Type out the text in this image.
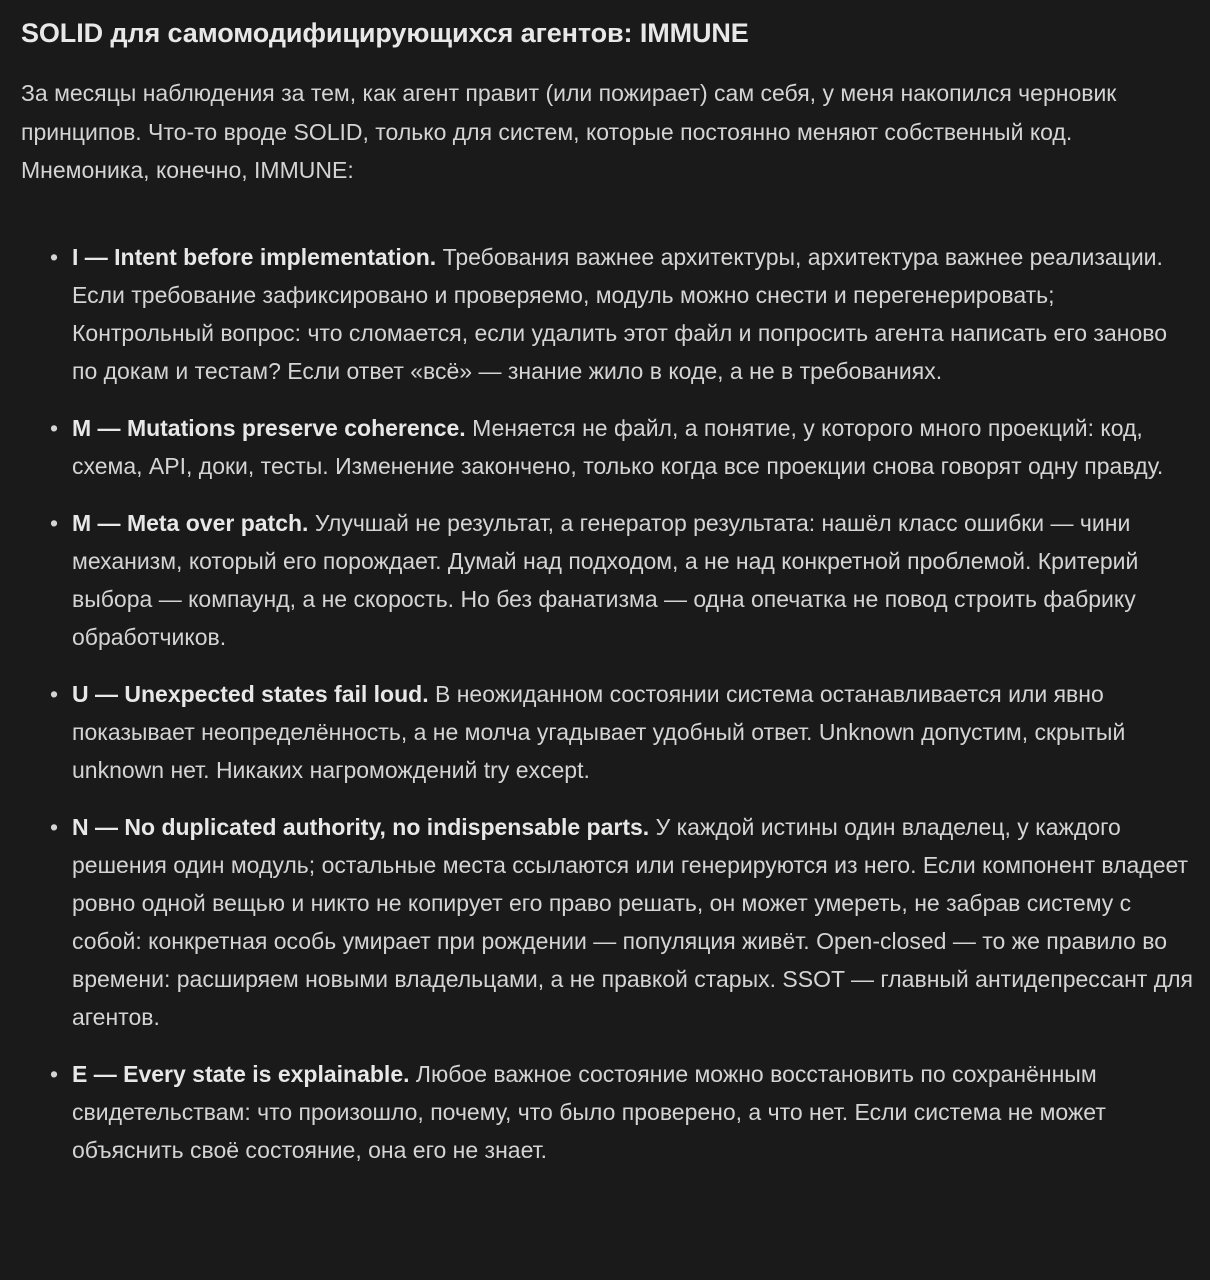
SOLID для самомодифицирующихся агентов: IMMUNE

За месяцы наблюдения за тем, как агент правит (или пожирает) сам себя, у меня накопился черновик принципов. Что-то вроде SOLID, только для систем, которые постоянно меняют собственный код. Мнемоника, конечно, IMMUNE:

• I — Intent before implementation. Требования важнее архитектуры, архитектура важнее реализации. Если требование зафиксировано и проверяемо, модуль можно снести и перегенерировать; Контрольный вопрос: что сломается, если удалить этот файл и попросить агента написать его заново по докам и тестам? Если ответ «всё» — знание жило в коде, а не в требованиях.
• M — Mutations preserve coherence. Меняется не файл, а понятие, у которого много проекций: код, схема, API, доки, тесты. Изменение закончено, только когда все проекции снова говорят одну правду.
• M — Meta over patch. Улучшай не результат, а генератор результата: нашёл класс ошибки — чини механизм, который его порождает. Думай над подходом, а не над конкретной проблемой. Критерий выбора — компаунд, а не скорость. Но без фанатизма — одна опечатка не повод строить фабрику обработчиков.
• U — Unexpected states fail loud. В неожиданном состоянии система останавливается или явно показывает неопределённость, а не молча угадывает удобный ответ. Unknown допустим, скрытый unknown нет. Никаких нагромождений try except.
• N — No duplicated authority, no indispensable parts. У каждой истины один владелец, у каждого решения один модуль; остальные места ссылаются или генерируются из него. Если компонент владеет ровно одной вещью и никто не копирует его право решать, он может умереть, не забрав систему с собой: конкретная особь умирает при рождении — популяция живёт. Open-closed — то же правило во времени: расширяем новыми владельцами, а не правкой старых. SSOT — главный антидепрессант для агентов.
• E — Every state is explainable. Любое важное состояние можно восстановить по сохранённым свидетельствам: что произошло, почему, что было проверено, а что нет. Если система не может объяснить своё состояние, она его не знает.
